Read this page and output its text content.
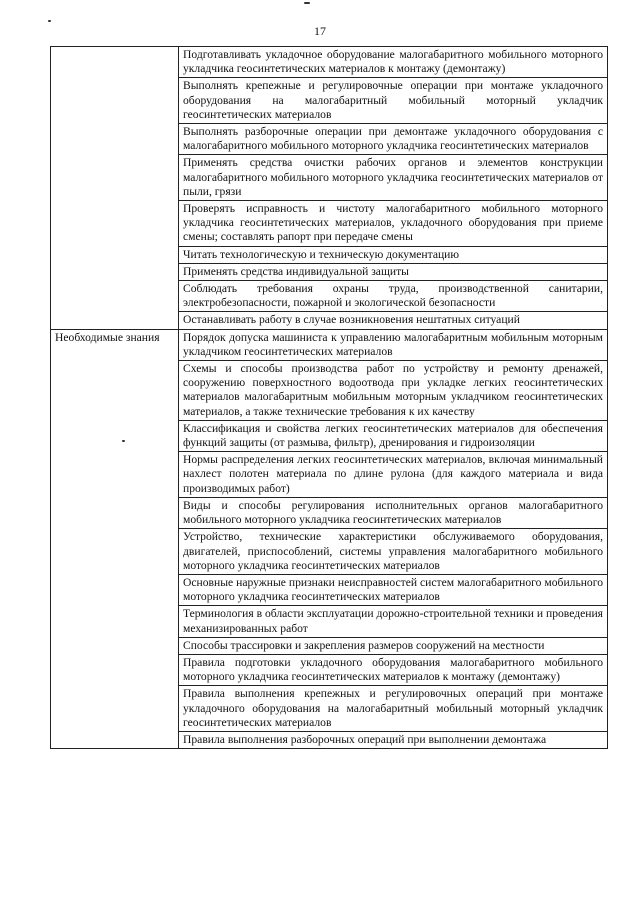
17

	Подготавливать укладочное оборудование малогабаритного мобильного моторного укладчика геосинтетических материалов к монтажу (демонтажу)

	Выполнять крепежные и регулировочные операции при монтаже укладочного оборудования на малогабаритный мобильный моторный укладчик геосинтетических материалов

	Выполнять разборочные операции при демонтаже укладочного оборудования с малогабаритного мобильного моторного укладчика геосинтетических материалов

	Применять средства очистки рабочих органов и элементов конструкции малогабаритного мобильного моторного укладчика геосинтетических материалов от пыли, грязи

	Проверять исправность и чистоту малогабаритного мобильного моторного укладчика геосинтетических материалов, укладочного оборудования при приеме смены; составлять рапорт при передаче смены

	Читать технологическую и техническую документацию

	Применять средства индивидуальной защиты

	Соблюдать требования охраны труда, производственной санитарии, электробезопасности, пожарной и экологической безопасности

	Останавливать работу в случае возникновения нештатных ситуаций

Необходимые знания	Порядок допуска машиниста к управлению малогабаритным мобильным моторным укладчиком геосинтетических материалов

	Схемы и способы производства работ по устройству и ремонту дренажей, сооружению поверхностного водоотвода при укладке легких геосинтетических материалов малогабаритным мобильным моторным укладчиком геосинтетических материалов, а также технические требования к их качеству

	Классификация и свойства легких геосинтетических материалов для обеспечения функций защиты (от размыва, фильтр), дренирования и гидроизоляции

	Нормы распределения легких геосинтетических материалов, включая минимальный нахлест полотен материала по длине рулона (для каждого материала и вида производимых работ)

	Виды и способы регулирования исполнительных органов малогабаритного мобильного моторного укладчика геосинтетических материалов

	Устройство, технические характеристики обслуживаемого оборудования, двигателей, приспособлений, системы управления малогабаритного мобильного моторного укладчика геосинтетических материалов

	Основные наружные признаки неисправностей систем малогабаритного мобильного моторного укладчика геосинтетических материалов

	Терминология в области эксплуатации дорожно-строительной техники и проведения механизированных работ

	Способы трассировки и закрепления размеров сооружений на местности

	Правила подготовки укладочного оборудования малогабаритного мобильного моторного укладчика геосинтетических материалов к монтажу (демонтажу)

	Правила выполнения крепежных и регулировочных операций при монтаже укладочного оборудования на малогабаритный мобильный моторный укладчик геосинтетических материалов

	Правила выполнения разборочных операций при выполнении демонтажа
